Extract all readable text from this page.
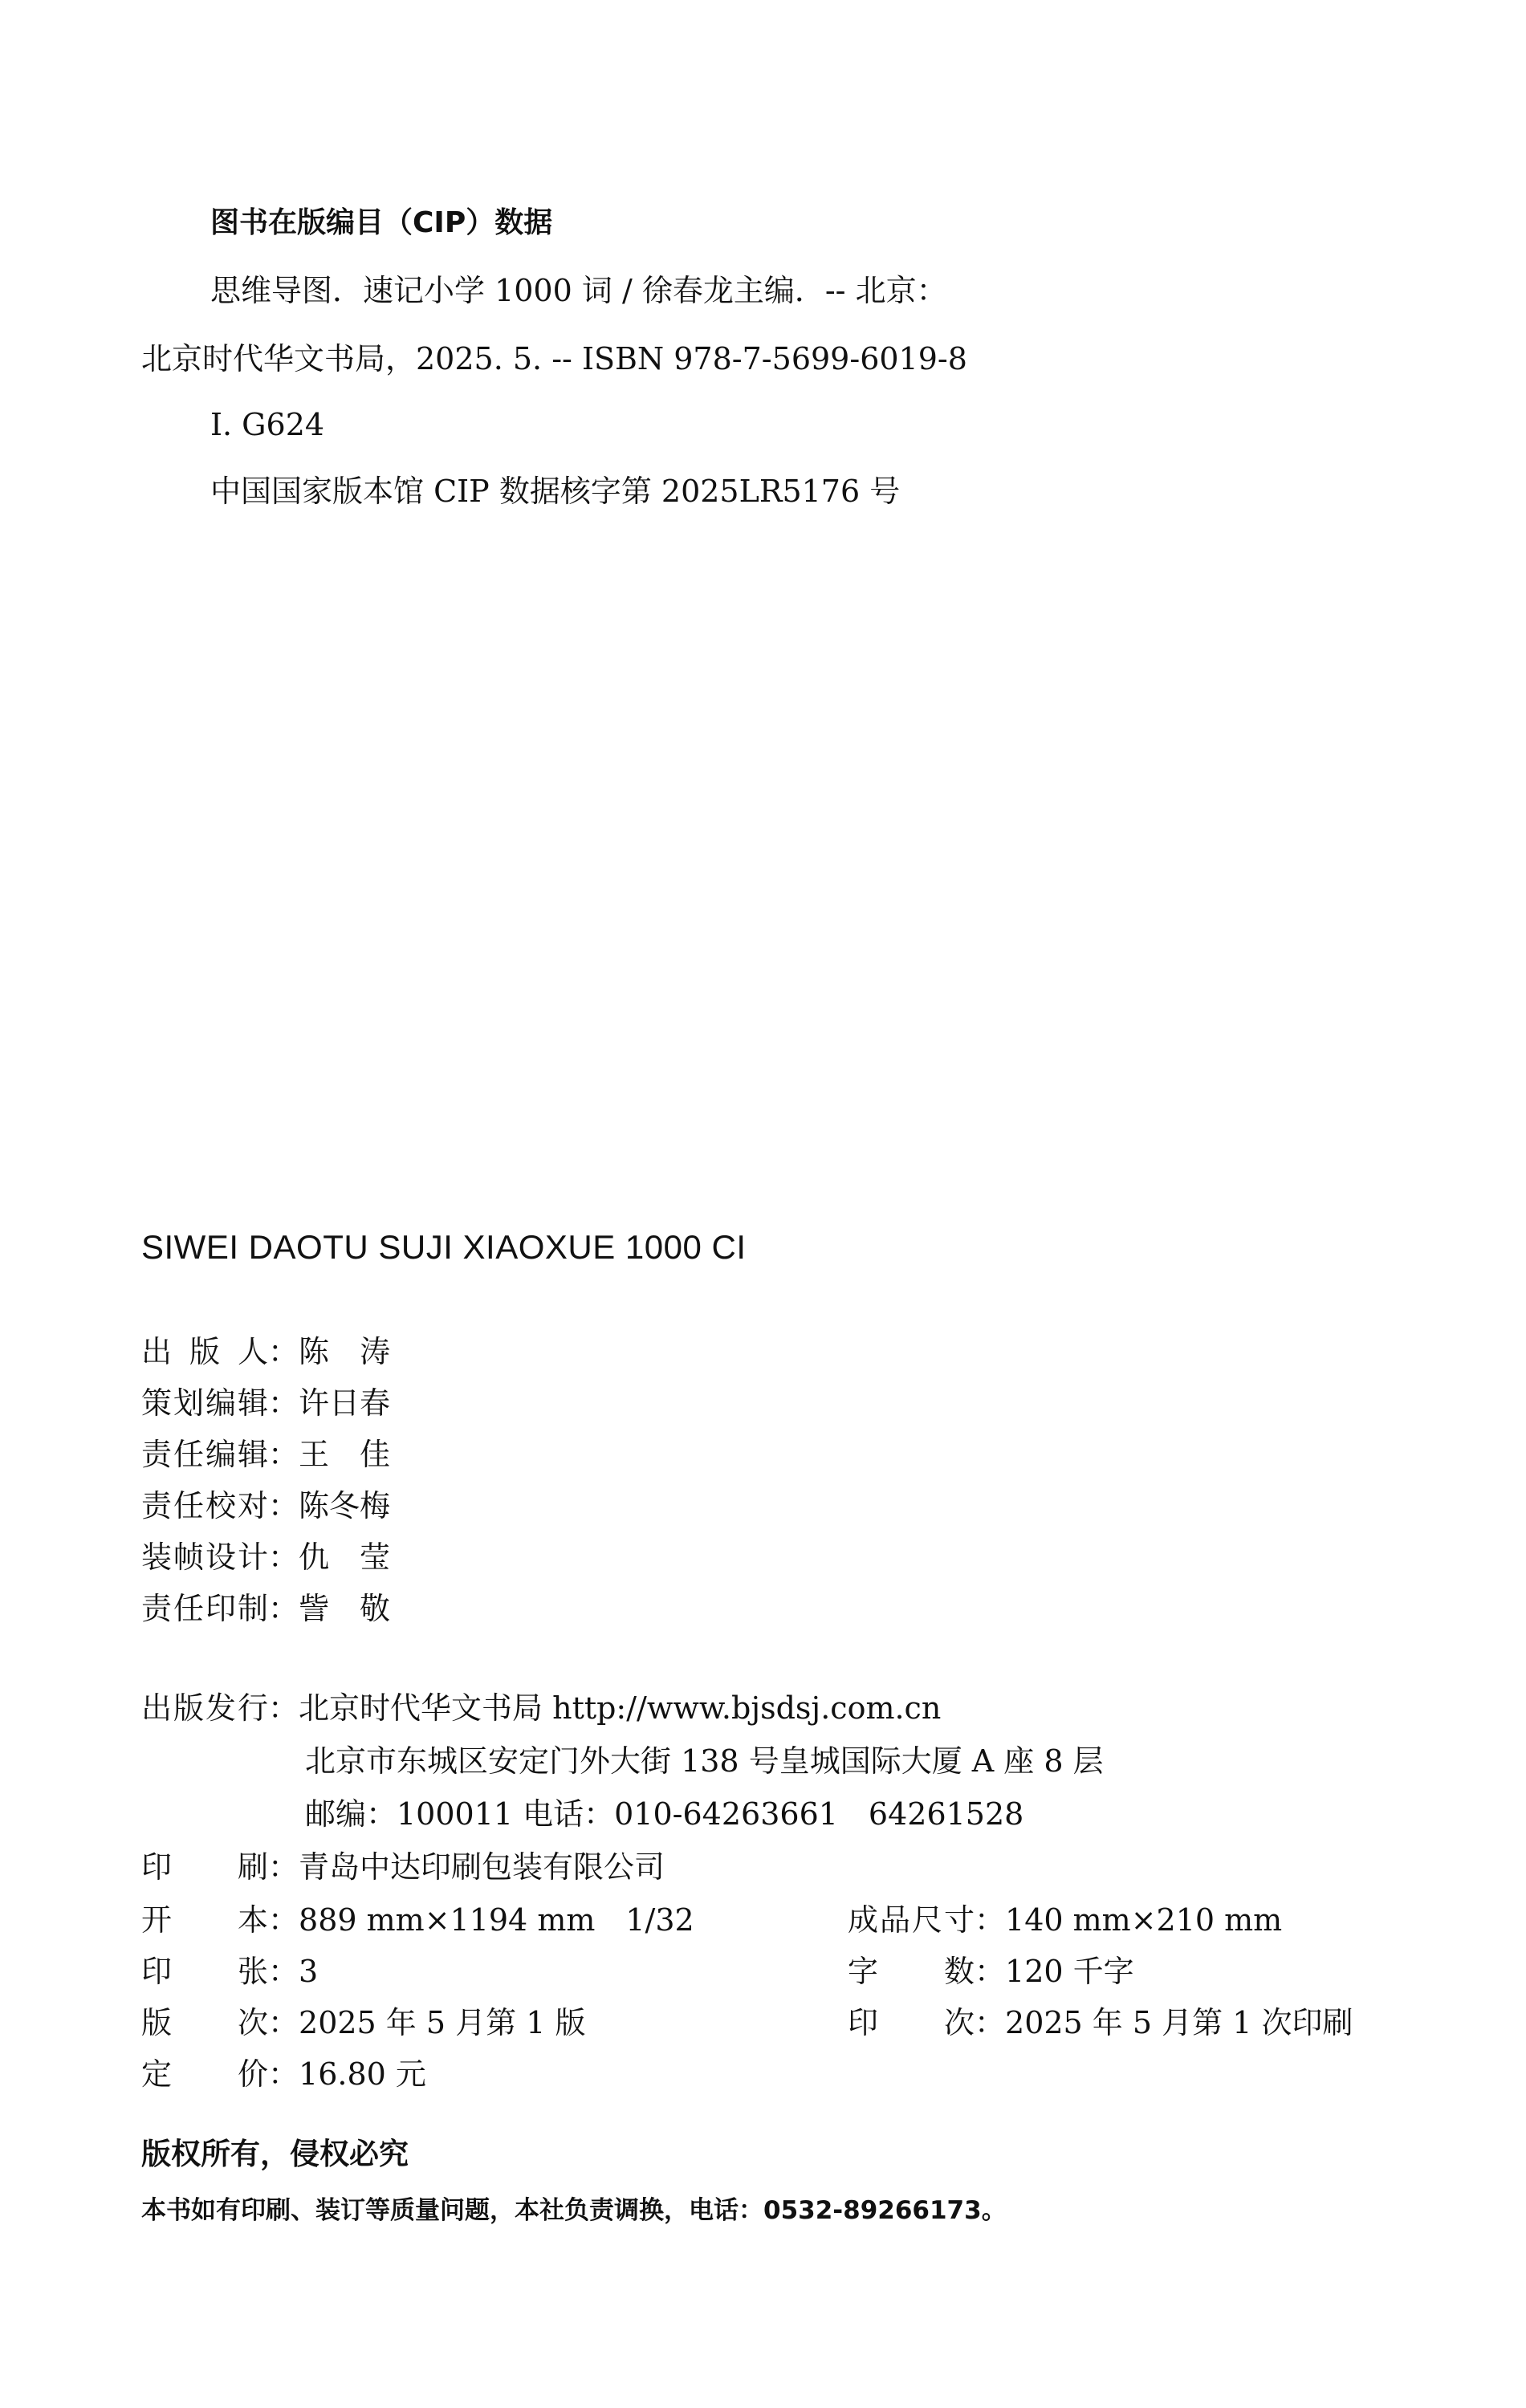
图书在版编目（CIP）数据
思维导图．速记小学 1000 词 / 徐春龙主编．-- 北京：
北京时代华文书局，2025. 5. -- ISBN 978-7-5699-6019-8
I. G624
中国国家版本馆 CIP 数据核字第 2025LR5176 号
SIWEI DAOTU SUJI XIAOXUE 1000 CI
出版人：陈　涛
策划编辑：许日春
责任编辑：王　佳
责任校对：陈冬梅
装帧设计：仇　莹
责任印制：訾　敬
出版发行：北京时代华文书局 http://www.bjsdsj.com.cn
北京市东城区安定门外大街 138 号皇城国际大厦 A 座 8 层
邮编：100011 电话：010-64263661　64261528
印刷：青岛中达印刷包装有限公司
开本：889 mm×1194 mm　1/32	成品尺寸：140 mm×210 mm
印张：3	字数：120 千字
版次：2025 年 5 月第 1 版	印次：2025 年 5 月第 1 次印刷
定价：16.80 元
版权所有，侵权必究
本书如有印刷、装订等质量问题，本社负责调换，电话：0532-89266173。
